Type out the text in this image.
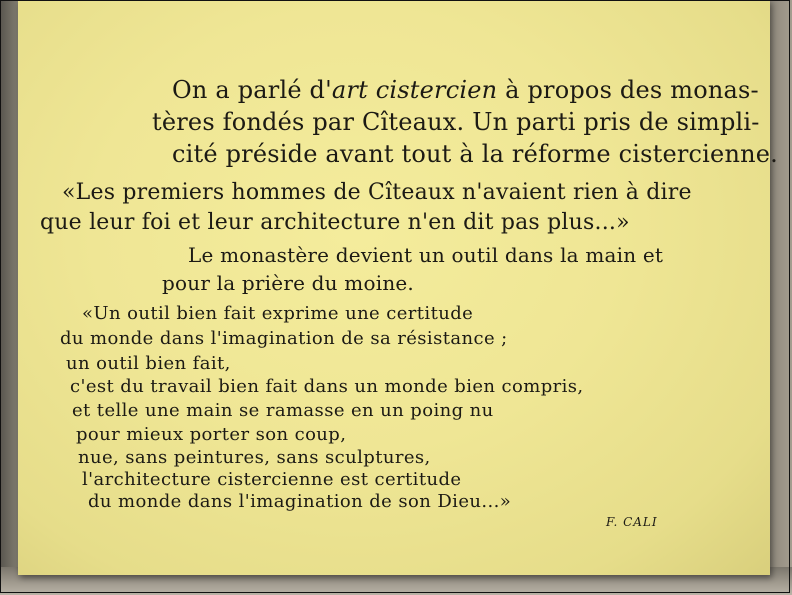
On a parlé d'art cistercien à propos des monas-
tères fondés par Cîteaux. Un parti pris de simpli-
cité préside avant tout à la réforme cistercienne.
«Les premiers hommes de Cîteaux n'avaient rien à dire
que leur foi et leur architecture n'en dit pas plus...»
Le monastère devient un outil dans la main et
pour la prière du moine.
«Un outil bien fait exprime une certitude
du monde dans l'imagination de sa résistance ;
un outil bien fait,
c'est du travail bien fait dans un monde bien compris,
et telle une main se ramasse en un poing nu
pour mieux porter son coup,
nue, sans peintures, sans sculptures,
l'architecture cistercienne est certitude
du monde dans l'imagination de son Dieu...»
F. CALI
